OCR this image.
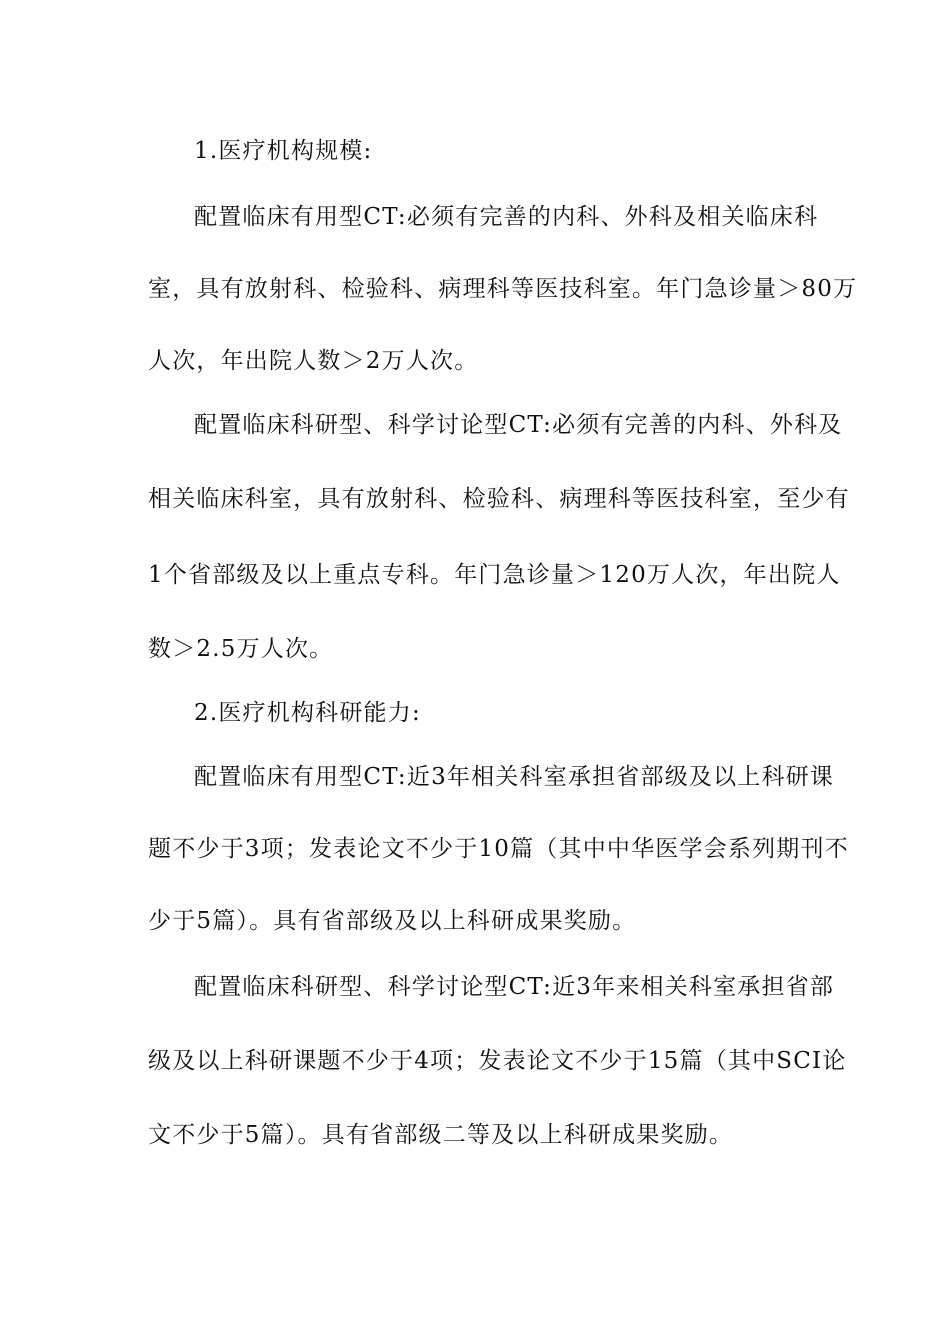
1.医疗机构规模:
配置临床有用型CT:必须有完善的内科、外科及相关临床科
室，具有放射科、检验科、病理科等医技科室。年门急诊量＞80万
人次，年出院人数＞2万人次。
配置临床科研型、科学讨论型CT:必须有完善的内科、外科及
相关临床科室，具有放射科、检验科、病理科等医技科室，至少有
1个省部级及以上重点专科。年门急诊量＞120万人次，年出院人
数＞2.5万人次。
2.医疗机构科研能力:
配置临床有用型CT:近3年相关科室承担省部级及以上科研课
题不少于3项；发表论文不少于10篇（其中中华医学会系列期刊不
少于5篇）。具有省部级及以上科研成果奖励。
配置临床科研型、科学讨论型CT:近3年来相关科室承担省部
级及以上科研课题不少于4项；发表论文不少于15篇（其中SCI论
文不少于5篇）。具有省部级二等及以上科研成果奖励。
